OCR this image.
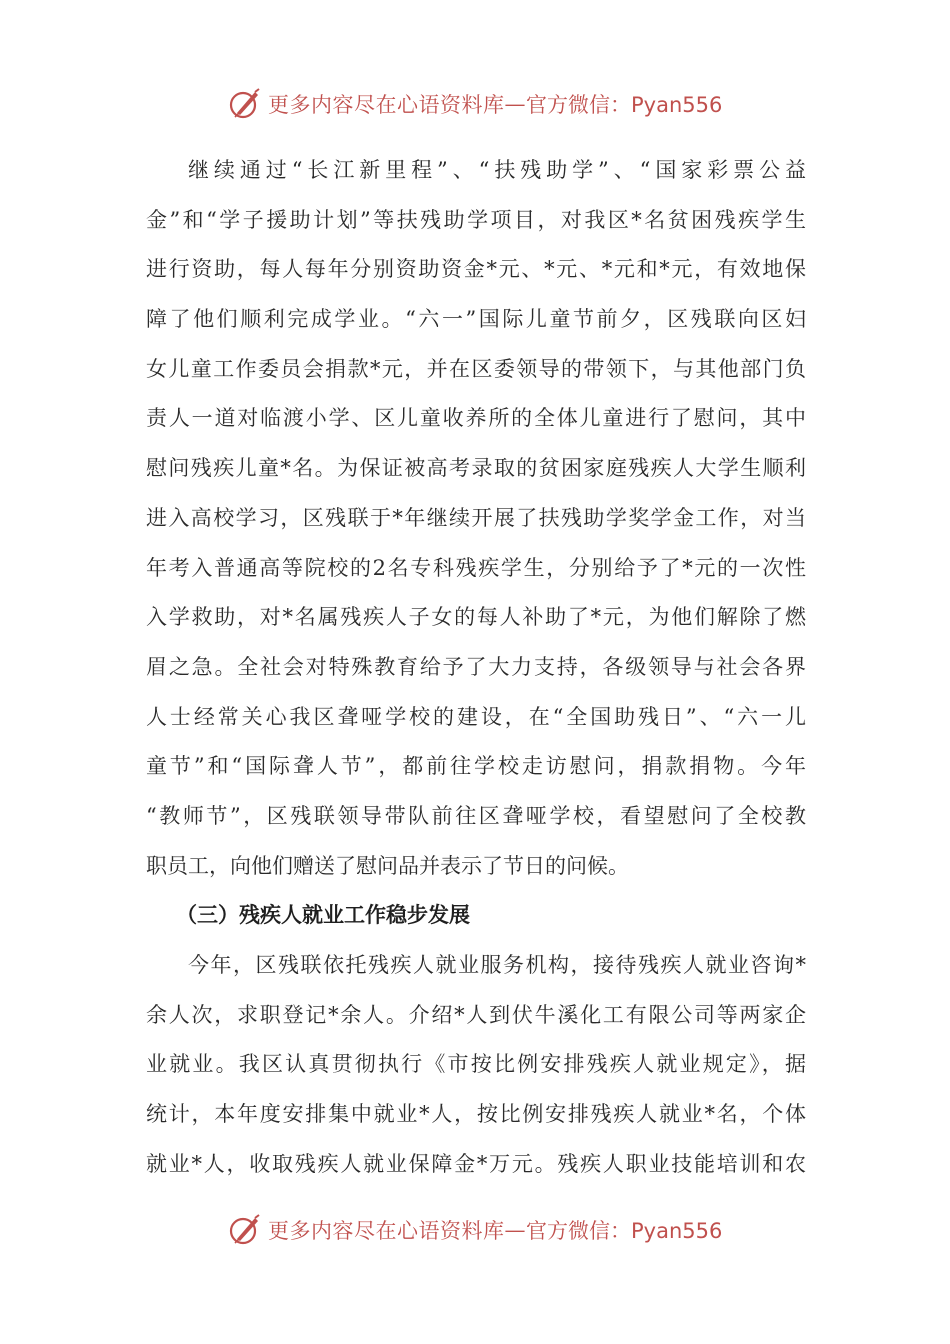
更多内容尽在心语资料库 — 官方微信：Pyan556
继续通过“长江新里程”、“扶残助学”、“国家彩票公益
金”和“学子援助计划”等扶残助学项目，对我区*名贫困残疾学生
进行资助，每人每年分别资助资金*元、*元、*元和*元，有效地保
障了他们顺利完成学业。“六一”国际儿童节前夕，区残联向区妇
女儿童工作委员会捐款*元，并在区委领导的带领下，与其他部门负
责人一道对临渡小学、区儿童收养所的全体儿童进行了慰问，其中
慰问残疾儿童*名。为保证被高考录取的贫困家庭残疾人大学生顺利
进入高校学习，区残联于*年继续开展了扶残助学奖学金工作，对当
年考入普通高等院校的2名专科残疾学生，分别给予了*元的一次性
入学救助，对*名属残疾人子女的每人补助了*元，为他们解除了燃
眉之急。全社会对特殊教育给予了大力支持，各级领导与社会各界
人士经常关心我区聋哑学校的建设，在“全国助残日”、“六一儿
童节”和“国际聋人节”，都前往学校走访慰问，捐款捐物。今年
“教师节”，区残联领导带队前往区聋哑学校，看望慰问了全校教
职员工，向他们赠送了慰问品并表示了节日的问候。
（三）残疾人就业工作稳步发展
今年，区残联依托残疾人就业服务机构，接待残疾人就业咨询*
余人次，求职登记*余人。介绍*人到伏牛溪化工有限公司等两家企
业就业。我区认真贯彻执行《市按比例安排残疾人就业规定》，据
统计，本年度安排集中就业*人，按比例安排残疾人就业*名，个体
就业*人，收取残疾人就业保障金*万元。残疾人职业技能培训和农
更多内容尽在心语资料库 — 官方微信：Pyan556
